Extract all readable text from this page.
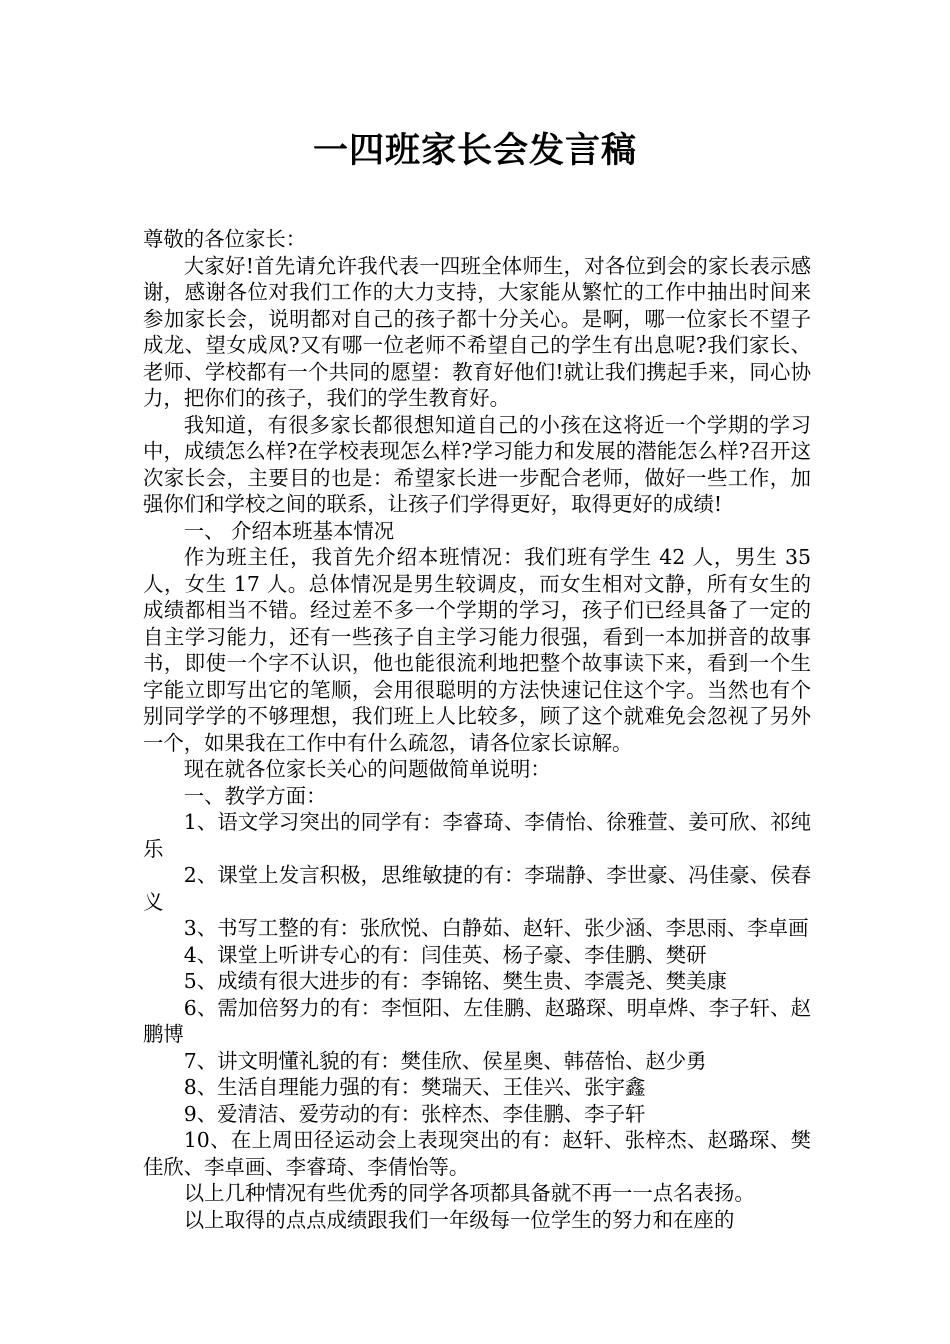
一四班家长会发言稿

尊敬的各位家长：

大家好!首先请允许我代表一四班全体师生，对各位到会的家长表示感谢，感谢各位对我们工作的大力支持，大家能从繁忙的工作中抽出时间来参加家长会，说明都对自己的孩子都十分关心。是啊，哪一位家长不望子成龙、望女成凤?又有哪一位老师不希望自己的学生有出息呢?我们家长、老师、学校都有一个共同的愿望：教育好他们!就让我们携起手来，同心协力，把你们的孩子，我们的学生教育好。

我知道，有很多家长都很想知道自己的小孩在这将近一个学期的学习中，成绩怎么样?在学校表现怎么样?学习能力和发展的潜能怎么样?召开这次家长会，主要目的也是：希望家长进一步配合老师，做好一些工作，加强你们和学校之间的联系，让孩子们学得更好，取得更好的成绩!

一、 介绍本班基本情况

作为班主任，我首先介绍本班情况：我们班有学生 42 人，男生 35 人，女生 17 人。总体情况是男生较调皮，而女生相对文静，所有女生的成绩都相当不错。经过差不多一个学期的学习，孩子们已经具备了一定的自主学习能力，还有一些孩子自主学习能力很强，看到一本加拼音的故事书，即使一个字不认识，他也能很流利地把整个故事读下来，看到一个生字能立即写出它的笔顺，会用很聪明的方法快速记住这个字。当然也有个别同学学的不够理想，我们班上人比较多，顾了这个就难免会忽视了另外一个，如果我在工作中有什么疏忽，请各位家长谅解。

现在就各位家长关心的问题做简单说明：

一、教学方面：

1、语文学习突出的同学有：李睿琦、李倩怡、徐雅萱、姜可欣、祁纯乐

2、课堂上发言积极，思维敏捷的有：李瑞静、李世豪、冯佳豪、侯春义

3、书写工整的有：张欣悦、白静茹、赵轩、张少涵、李思雨、李卓画

4、课堂上听讲专心的有：闫佳英、杨子豪、李佳鹏、樊研

5、成绩有很大进步的有：李锦铭、樊生贵、李震尧、樊美康

6、需加倍努力的有：李恒阳、左佳鹏、赵璐琛、明卓烨、李子轩、赵鹏博

7、讲文明懂礼貌的有：樊佳欣、侯星奥、韩蓓怡、赵少勇

8、生活自理能力强的有：樊瑞天、王佳兴、张宇鑫

9、爱清洁、爱劳动的有：张梓杰、李佳鹏、李子轩

10、在上周田径运动会上表现突出的有：赵轩、张梓杰、赵璐琛、樊佳欣、李卓画、李睿琦、李倩怡等。

以上几种情况有些优秀的同学各项都具备就不再一一点名表扬。

以上取得的点点成绩跟我们一年级每一位学生的努力和在座的
